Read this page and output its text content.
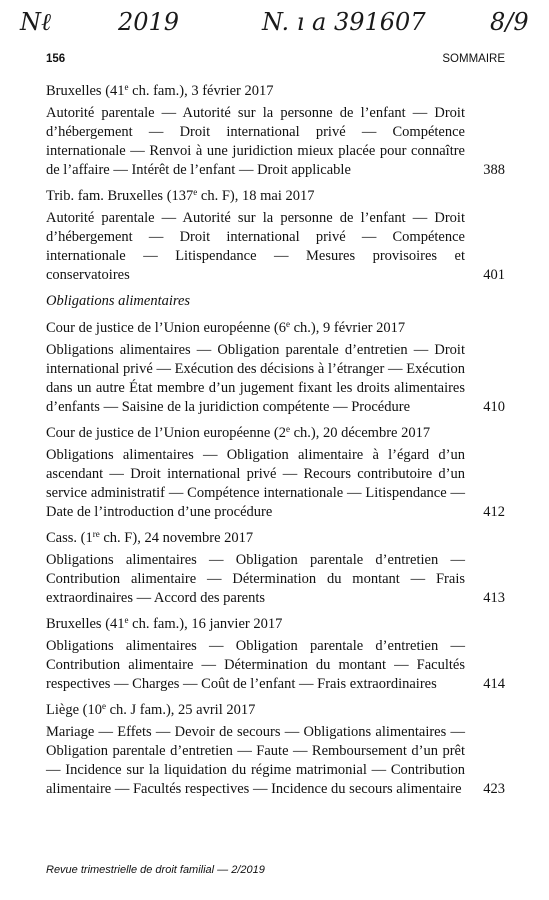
Nℓ	2019	N. ı a 391607	8/9
156	SOMMAIRE
Bruxelles (41e ch. fam.), 3 février 2017
Autorité parentale — Autorité sur la personne de l’enfant — Droit d’hébergement — Droit international privé — Compétence internationale — Renvoi à une juridiction mieux placée pour connaître de l’affaire — Intérêt de l’enfant — Droit applicable	388
Trib. fam. Bruxelles (137e ch. F), 18 mai 2017
Autorité parentale — Autorité sur la personne de l’enfant — Droit d’hébergement — Droit international privé — Compétence internationale — Litispendance — Mesures provisoires et conservatoires	401
Obligations alimentaires
Cour de justice de l’Union européenne (6e ch.), 9 février 2017
Obligations alimentaires — Obligation parentale d’entretien — Droit international privé — Exécution des décisions à l’étranger — Exécution dans un autre État membre d’un jugement fixant les droits alimentaires d’enfants — Saisine de la juridiction compétente — Procédure	410
Cour de justice de l’Union européenne (2e ch.), 20 décembre 2017
Obligations alimentaires — Obligation alimentaire à l’égard d’un ascendant — Droit international privé — Recours contributoire d’un service administratif — Compétence internationale — Litispendance — Date de l’introduction d’une procédure	412
Cass. (1re ch. F), 24 novembre 2017
Obligations alimentaires — Obligation parentale d’entretien — Contribution alimentaire — Détermination du montant — Frais extraordinaires — Accord des parents	413
Bruxelles (41e ch. fam.), 16 janvier 2017
Obligations alimentaires — Obligation parentale d’entretien — Contribution alimentaire — Détermination du montant — Facultés respectives — Charges — Coût de l’enfant — Frais extraordinaires	414
Liège (10e ch. J fam.), 25 avril 2017
Mariage — Effets — Devoir de secours — Obligations alimentaires — Obligation parentale d’entretien — Faute — Remboursement d’un prêt — Incidence sur la liquidation du régime matrimonial — Contribution alimentaire — Facultés respectives — Incidence du secours alimentaire	423
Revue trimestrielle de droit familial — 2/2019
